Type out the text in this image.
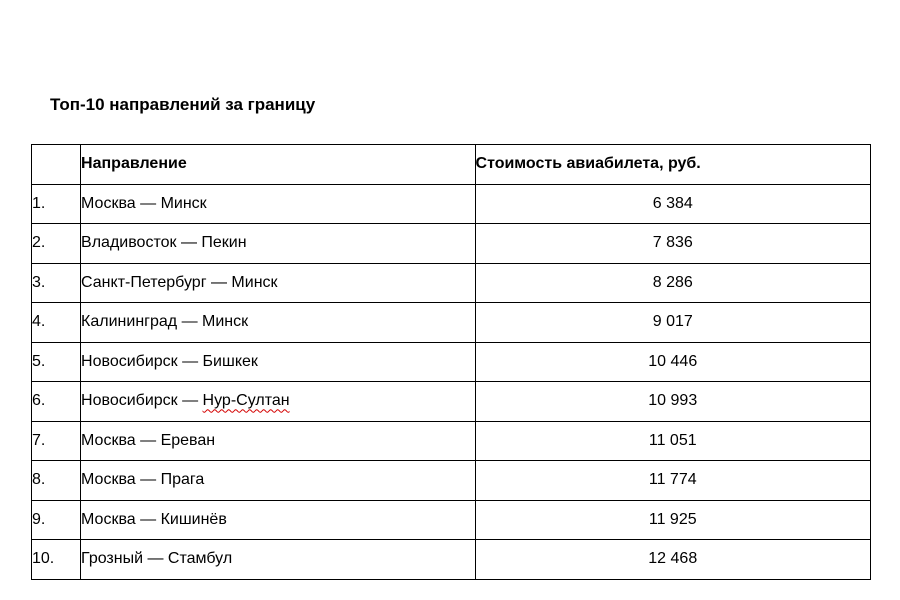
Топ-10 направлений за границу
	Направление	Стоимость авиабилета, руб.
1.	Москва — Минск	6 384
2.	Владивосток — Пекин	7 836
3.	Санкт-Петербург — Минск	8 286
4.	Калининград — Минск	9 017
5.	Новосибирск — Бишкек	10 446
6.	Новосибирск — Нур-Султан	10 993
7.	Москва — Ереван	11 051
8.	Москва — Прага	11 774
9.	Москва — Кишинёв	11 925
10.	Грозный — Стамбул	12 468
